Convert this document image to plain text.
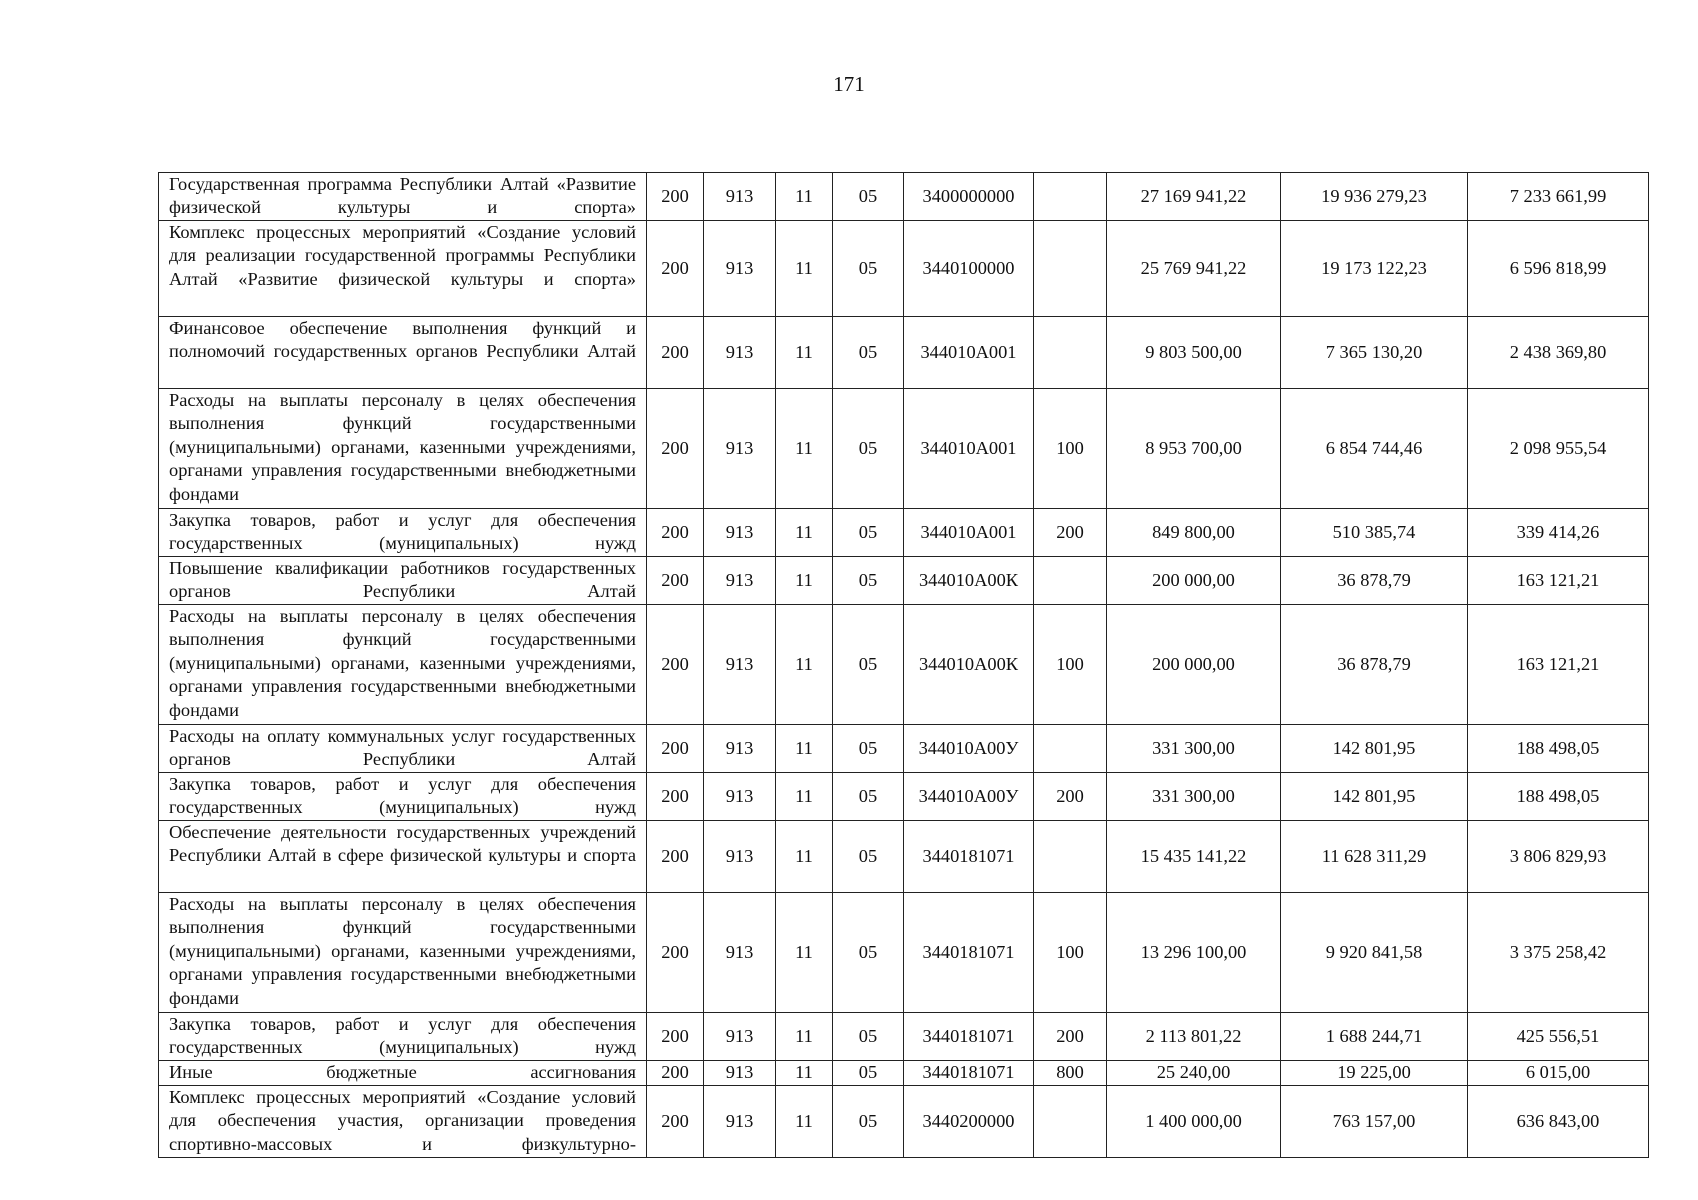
171
Государственная программа Республики Алтай «Развитие физической культуры и спорта»	200	913	11	05	3400000000		27 169 941,22	19 936 279,23	7 233 661,99
Комплекс процессных мероприятий «Создание условий для реализации государственной программы Республики Алтай «Развитие физической культуры и спорта»	200	913	11	05	3440100000		25 769 941,22	19 173 122,23	6 596 818,99
Финансовое обеспечение выполнения функций и полномочий государственных органов Республики Алтай	200	913	11	05	344010А001		9 803 500,00	7 365 130,20	2 438 369,80
Расходы на выплаты персоналу в целях обеспечения выполнения функций государственными (муниципальными) органами, казенными учреждениями, органами управления государственными внебюджетными фондами	200	913	11	05	344010А001	100	8 953 700,00	6 854 744,46	2 098 955,54
Закупка товаров, работ и услуг для обеспечения государственных (муниципальных) нужд	200	913	11	05	344010А001	200	849 800,00	510 385,74	339 414,26
Повышение квалификации работников государственных органов Республики Алтай	200	913	11	05	344010А00К		200 000,00	36 878,79	163 121,21
Расходы на выплаты персоналу в целях обеспечения выполнения функций государственными (муниципальными) органами, казенными учреждениями, органами управления государственными внебюджетными фондами	200	913	11	05	344010А00К	100	200 000,00	36 878,79	163 121,21
Расходы на оплату коммунальных услуг государственных органов Республики Алтай	200	913	11	05	344010А00У		331 300,00	142 801,95	188 498,05
Закупка товаров, работ и услуг для обеспечения государственных (муниципальных) нужд	200	913	11	05	344010А00У	200	331 300,00	142 801,95	188 498,05
Обеспечение деятельности государственных учреждений Республики Алтай в сфере физической культуры и спорта	200	913	11	05	3440181071		15 435 141,22	11 628 311,29	3 806 829,93
Расходы на выплаты персоналу в целях обеспечения выполнения функций государственными (муниципальными) органами, казенными учреждениями, органами управления государственными внебюджетными фондами	200	913	11	05	3440181071	100	13 296 100,00	9 920 841,58	3 375 258,42
Закупка товаров, работ и услуг для обеспечения государственных (муниципальных) нужд	200	913	11	05	3440181071	200	2 113 801,22	1 688 244,71	425 556,51
Иные бюджетные ассигнования	200	913	11	05	3440181071	800	25 240,00	19 225,00	6 015,00
Комплекс процессных мероприятий «Создание условий для обеспечения участия, организации проведения спортивно-массовых и физкультурно-	200	913	11	05	3440200000		1 400 000,00	763 157,00	636 843,00
